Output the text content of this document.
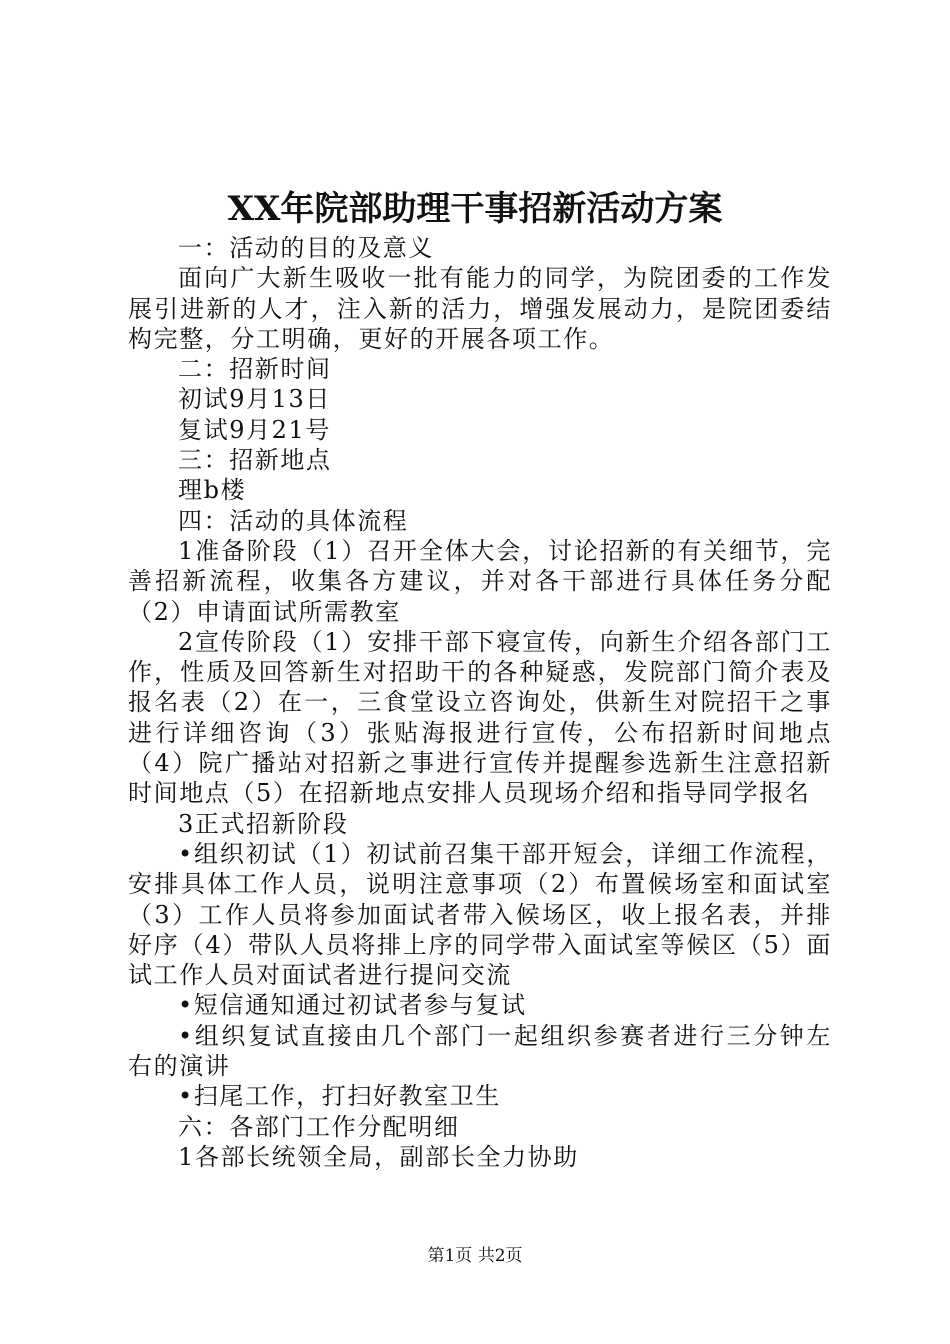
XX年院部助理干事招新活动方案

一：活动的目的及意义

面向广大新生吸收一批有能力的同学，为院团委的工作发展引进新的人才，注入新的活力，增强发展动力，是院团委结构完整，分工明确，更好的开展各项工作。

二：招新时间

初试9月13日

复试9月21号

三：招新地点

理b楼

四：活动的具体流程

1准备阶段（1）召开全体大会，讨论招新的有关细节，完善招新流程，收集各方建议，并对各干部进行具体任务分配（2）申请面试所需教室

2宣传阶段（1）安排干部下寝宣传，向新生介绍各部门工作，性质及回答新生对招助干的各种疑惑，发院部门简介表及报名表（2）在一，三食堂设立咨询处，供新生对院招干之事进行详细咨询（3）张贴海报进行宣传，公布招新时间地点（4）院广播站对招新之事进行宣传并提醒参选新生注意招新时间地点（5）在招新地点安排人员现场介绍和指导同学报名

3正式招新阶段

•组织初试（1）初试前召集干部开短会，详细工作流程，安排具体工作人员，说明注意事项（2）布置候场室和面试室（3）工作人员将参加面试者带入候场区，收上报名表，并排好序（4）带队人员将排上序的同学带入面试室等候区（5）面试工作人员对面试者进行提问交流

•短信通知通过初试者参与复试

•组织复试直接由几个部门一起组织参赛者进行三分钟左右的演讲

•扫尾工作，打扫好教室卫生

六：各部门工作分配明细

1各部长统领全局，副部长全力协助

第1页 共2页
